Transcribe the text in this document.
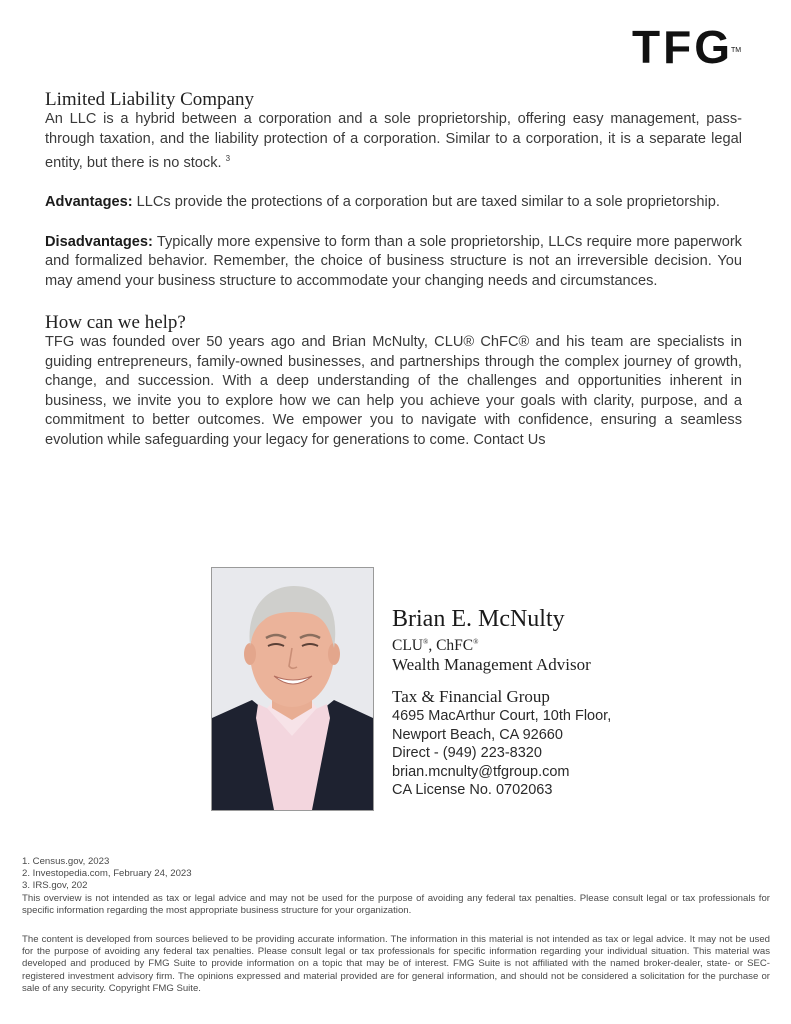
TFGTM
Limited Liability Company

An LLC is a hybrid between a corporation and a sole proprietorship, offering easy management, pass-through taxation, and the liability protection of a corporation. Similar to a corporation, it is a separate legal entity, but there is no stock. $^3$

Advantages: LLCs provide the protections of a corporation but are taxed similar to a sole proprietorship.

Disadvantages: Typically more expensive to form than a sole proprietorship, LLCs require more paperwork and formalized behavior. Remember, the choice of business structure is not an irreversible decision. You may amend your business structure to accommodate your changing needs and circumstances.

How can we help?

TFG was founded over 50 years ago and Brian McNulty, CLU® ChFC® and his team are specialists in guiding entrepreneurs, family-owned businesses, and partnerships through the complex journey of growth, change, and succession. With a deep understanding of the challenges and opportunities inherent in business, we invite you to explore how we can help you achieve your goals with clarity, purpose, and a commitment to better outcomes. We empower you to navigate with confidence, ensuring a seamless evolution while safeguarding your legacy for generations to come. Contact Us

Brian E. McNulty
CLU®, ChFC®
Wealth Management Advisor
Tax & Financial Group
4695 MacArthur Court, 10th Floor,
Newport Beach, CA 92660
Direct - (949) 223-8320
brian.mcnulty@tfgroup.com
CA License No. 0702063

1. Census.gov, 2023

2. Investopedia.com, February 24, 2023

3. IRS.gov, 202

This overview is not intended as tax or legal advice and may not be used for the purpose of avoiding any federal tax penalties. Please consult legal or tax professionals for specific information regarding the most appropriate business structure for your organization.

The content is developed from sources believed to be providing accurate information. The information in this material is not intended as tax or legal advice. It may not be used for the purpose of avoiding any federal tax penalties. Please consult legal or tax professionals for specific information regarding your individual situation. This material was developed and produced by FMG Suite to provide information on a topic that may be of interest. FMG Suite is not affiliated with the named broker-dealer, state- or SEC-registered investment advisory firm. The opinions expressed and material provided are for general information, and should not be considered a solicitation for the purchase or sale of any security. Copyright FMG Suite.
